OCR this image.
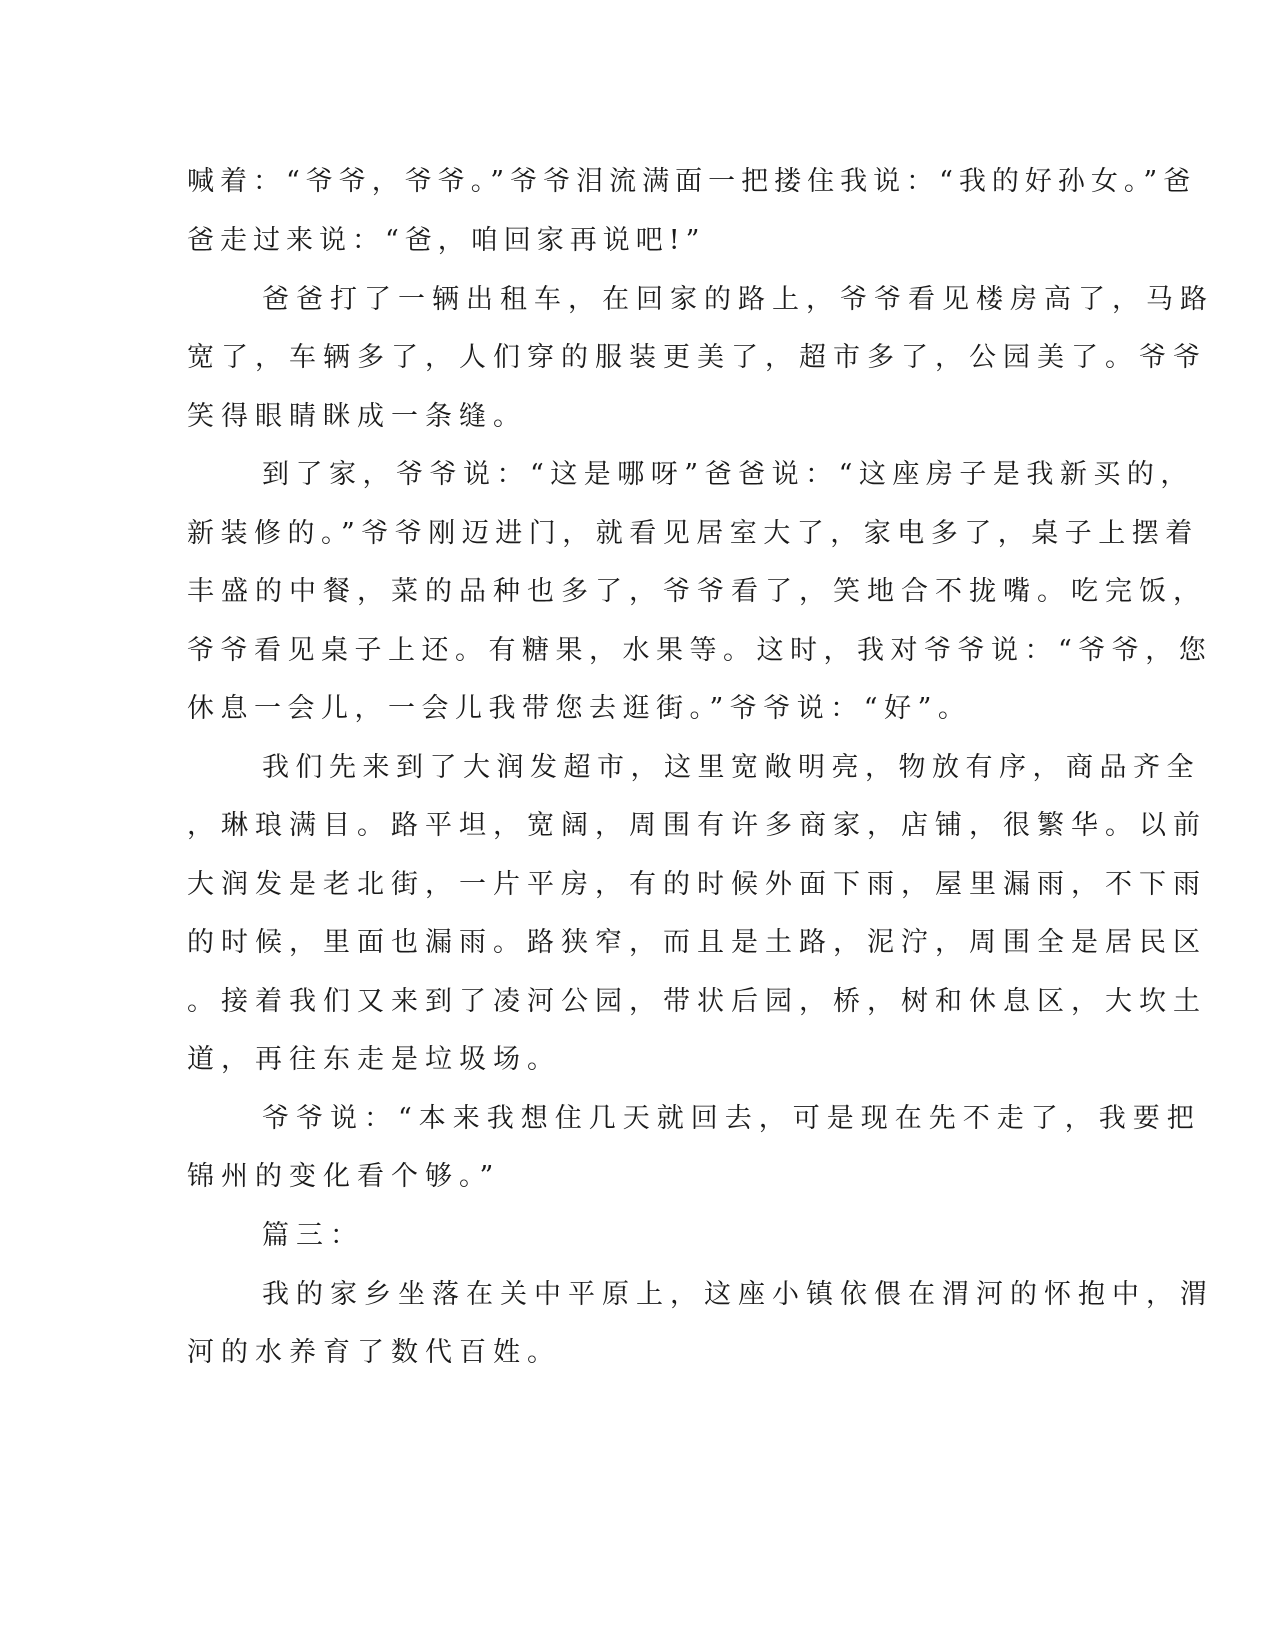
喊着：“爷爷，爷爷。”爷爷泪流满面一把搂住我说：“我的好孙女。”爸

爸走过来说：“爸，咱回家再说吧!”

爸爸打了一辆出租车，在回家的路上，爷爷看见楼房高了，马路

宽了，车辆多了，人们穿的服装更美了，超市多了，公园美了。爷爷

笑得眼睛眯成一条缝。

到了家，爷爷说：“这是哪呀”爸爸说：“这座房子是我新买的，

新装修的。”爷爷刚迈进门，就看见居室大了，家电多了，桌子上摆着

丰盛的中餐，菜的品种也多了，爷爷看了，笑地合不拢嘴。吃完饭，

爷爷看见桌子上还。有糖果，水果等。这时，我对爷爷说：“爷爷，您

休息一会儿，一会儿我带您去逛街。”爷爷说：“好”。

我们先来到了大润发超市，这里宽敞明亮，物放有序，商品齐全

，琳琅满目。路平坦，宽阔，周围有许多商家，店铺，很繁华。以前

大润发是老北街，一片平房，有的时候外面下雨，屋里漏雨，不下雨

的时候，里面也漏雨。路狭窄，而且是土路，泥泞，周围全是居民区

。接着我们又来到了凌河公园，带状后园，桥，树和休息区，大坎土

道，再往东走是垃圾场。

爷爷说：“本来我想住几天就回去，可是现在先不走了，我要把

锦州的变化看个够。”

篇三：

我的家乡坐落在关中平原上，这座小镇依偎在渭河的怀抱中，渭

河的水养育了数代百姓。
